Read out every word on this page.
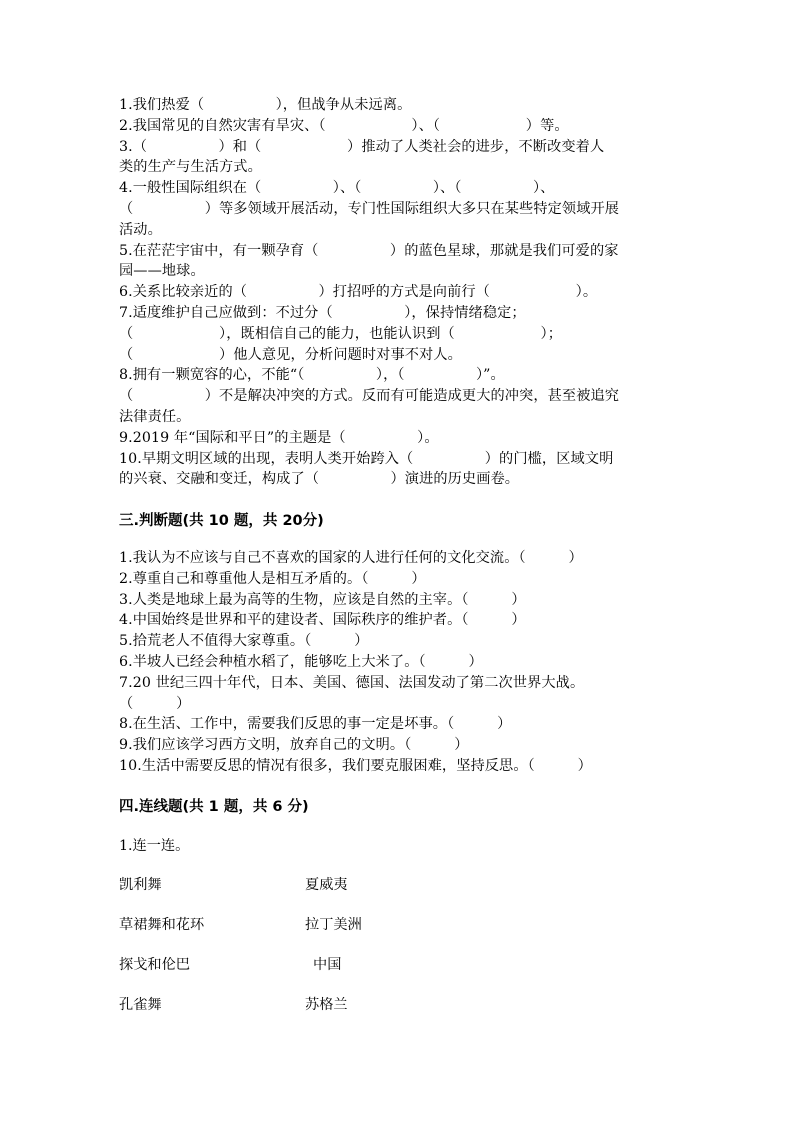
1.我们热爱（　　　　　），但战争从未远离。
2.我国常见的自然灾害有旱灾、（　　　　　　）、（　　　　　　）等。
3.（　　　　　）和（　　　　　　）推动了人类社会的进步，不断改变着人
类的生产与生活方式。
4.一般性国际组织在（　　　　　）、（　　　　　）、（　　　　　）、
（　　　　　）等多领域开展活动，专门性国际组织大多只在某些特定领域开展
活动。
5.在茫茫宇宙中，有一颗孕育（　　　　　）的蓝色星球，那就是我们可爱的家
园——地球。
6.关系比较亲近的（　　　　　）打招呼的方式是向前行（　　　　　　）。
7.适度维护自己应做到：不过分（　　　　　），保持情绪稳定；
（　　　　　　），既相信自己的能力，也能认识到（　　　　　　）；
（　　　　　　）他人意见，分析问题时对事不对人。
8.拥有一颗宽容的心，不能“（　　　　　），（　　　　　）”。
（　　　　　）不是解决冲突的方式。反而有可能造成更大的冲突，甚至被追究
法律责任。
9.2019 年“国际和平日”的主题是（　　　　　）。
10.早期文明区域的出现，表明人类开始跨入（　　　　　）的门槛，区域文明
的兴衰、交融和变迁，构成了（　　　　　）演进的历史画卷。
三.判断题(共 10 题，共 20分)
1.我认为不应该与自己不喜欢的国家的人进行任何的文化交流。（　　　）
2.尊重自己和尊重他人是相互矛盾的。（　　　）
3.人类是地球上最为高等的生物，应该是自然的主宰。（　　　）
4.中国始终是世界和平的建设者、国际秩序的维护者。（　　　）
5.拾荒老人不值得大家尊重。（　　　）
6.半坡人已经会种植水稻了，能够吃上大米了。（　　　）
7.20 世纪三四十年代，日本、美国、德国、法国发动了第二次世界大战。
（　　　）
8.在生活、工作中，需要我们反思的事一定是坏事。（　　　）
9.我们应该学习西方文明，放弃自己的文明。（　　　）
10.生活中需要反思的情况有很多，我们要克服困难，坚持反思。（　　　）
四.连线题(共 1 题，共 6 分)
1.连一连。
凯利舞	夏威夷
草裙舞和花环	拉丁美洲
探戈和伦巴	中国
孔雀舞	苏格兰
